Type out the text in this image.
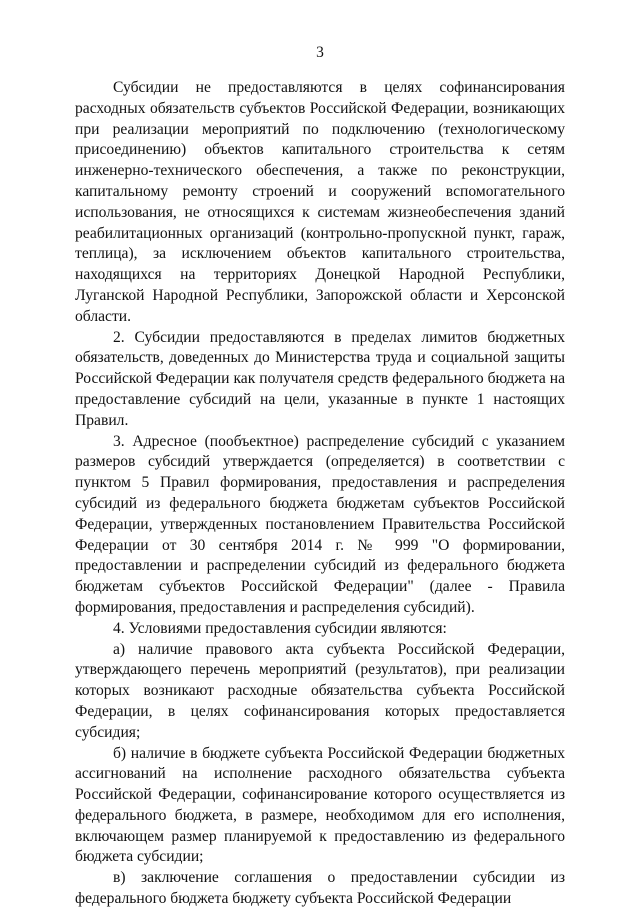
3

Субсидии не предоставляются в целях софинансирования расходных обязательств субъектов Российской Федерации, возникающих при реализации мероприятий по подключению (технологическому присоединению) объектов капитального строительства к сетям инженерно-технического обеспечения, а также по реконструкции, капитальному ремонту строений и сооружений вспомогательного использования, не относящихся к системам жизнеобеспечения зданий реабилитационных организаций (контрольно-пропускной пункт, гараж, теплица), за исключением объектов капитального строительства, находящихся на территориях Донецкой Народной Республики, Луганской Народной Республики, Запорожской области и Херсонской области.

2. Субсидии предоставляются в пределах лимитов бюджетных обязательств, доведенных до Министерства труда и социальной защиты Российской Федерации как получателя средств федерального бюджета на предоставление субсидий на цели, указанные в пункте 1 настоящих Правил.

3. Адресное (пообъектное) распределение субсидий с указанием размеров субсидий утверждается (определяется) в соответствии с пунктом 5 Правил формирования, предоставления и распределения субсидий из федерального бюджета бюджетам субъектов Российской Федерации, утвержденных постановлением Правительства Российской Федерации от 30 сентября 2014 г. № 999 "О формировании, предоставлении и распределении субсидий из федерального бюджета бюджетам субъектов Российской Федерации" (далее - Правила формирования, предоставления и распределения субсидий).

4. Условиями предоставления субсидии являются:

а) наличие правового акта субъекта Российской Федерации, утверждающего перечень мероприятий (результатов), при реализации которых возникают расходные обязательства субъекта Российской Федерации, в целях софинансирования которых предоставляется субсидия;

б) наличие в бюджете субъекта Российской Федерации бюджетных ассигнований на исполнение расходного обязательства субъекта Российской Федерации, софинансирование которого осуществляется из федерального бюджета, в размере, необходимом для его исполнения, включающем размер планируемой к предоставлению из федерального бюджета субсидии;

в) заключение соглашения о предоставлении субсидии из федерального бюджета бюджету субъекта Российской Федерации
